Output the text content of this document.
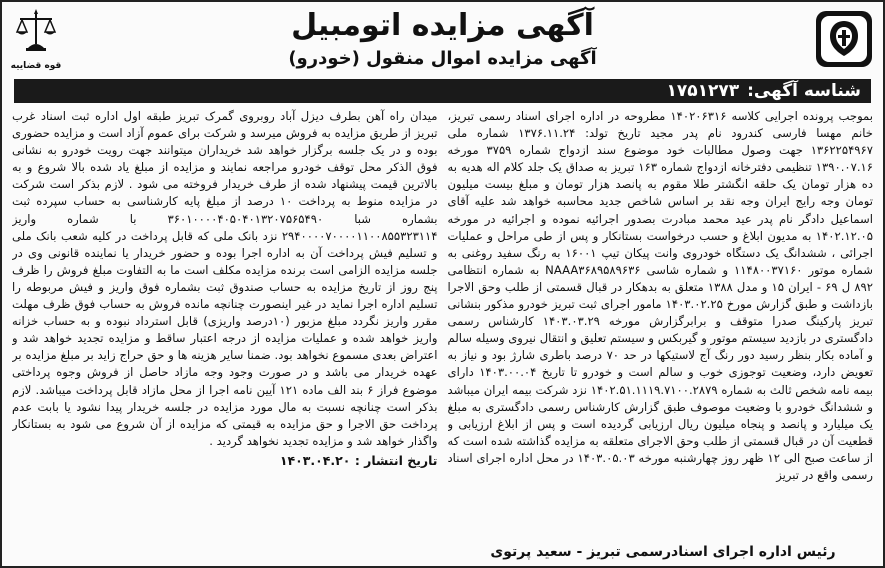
آگهی مزایده اتومبیل
آگهی مزایده اموال منقول (خودرو)
قوه قضاییه
شناسه آگهی:
۱۷۵۱۲۷۳

بموجب پرونده اجرایی کلاسه ۱۴۰۲۰۶۳۱۶ مطروحه در اداره اجرای اسناد رسمی تبریز، خانم مهسا فارسی کندرود نام پدر مجید تاریخ تولد: ۱۳۷۶.۱۱.۲۴ شماره ملی ۱۳۶۲۲۵۴۹۶۷ جهت وصول مطالبات خود موضوع سند ازدواج شماره ۳۷۵۹ مورخه ۱۳۹۰.۰۷.۱۶ تنظیمی دفترخانه ازدواج شماره ۱۶۳ تبریز به صداق یک جلد کلام اله هدیه به ده هزار تومان یک حلقه انگشتر طلا مقوم به پانصد هزار تومان و مبلغ بیست میلیون تومان وجه رایج ایران وجه نقد بر اساس شاخص جدید محاسبه خواهد شد علیه آقای اسماعیل دادگر نام پدر عید محمد مبادرت بصدور اجرائیه نموده و اجرائیه در مورخه ۱۴۰۲.۱۲.۰۵ به مدیون ابلاغ و حسب درخواست بستانکار و پس از طی مراحل و عملیات اجرائی ، ششدانگ یک دستگاه خودروی وانت پیکان تیپ ۱۶۰۰۱ به رنگ سفید روغنی به شماره موتور ۱۱۴۸۰۰۳۷۱۶۰ و شماره شاسی NAAA۳۶۸۹۵۸۹۶۳۶ به شماره انتظامی ۸۹۲ ل ۶۹ - ایران ۱۵ و مدل ۱۳۸۸ متعلق به بدهکار در قبال قسمتی از طلب وحق الاجرا بازداشت و طبق گزارش مورخ ۱۴۰۳.۰۲.۲۵ مامور اجرای ثبت تبریز خودرو مذکور بنشانی تبریز پارکینگ صدرا متوقف و برابرگزارش مورخه ۱۴۰۳.۰۳.۲۹ کارشناس رسمی دادگستری در بازدید سیستم موتور و گیربکس و سیستم تعلیق و انتقال نیروی وسیله سالم و آماده بکار بنظر رسید دور رنگ آج لاستیکها در حد ۷۰ درصد باطری شارژ بود و نیاز به تعویض دارد، وضعیت توجوزی خوب و سالم است و خودرو تا تاریخ ۱۴۰۳.۰۰.۰۴ دارای بیمه نامه شخص ثالث به شماره ۱۴۰۲.۵۱.۱۱۱۹.۷۱۰۰.۲۸۷۹ نزد شرکت بیمه ایران میباشد و ششدانگ خودرو با وضعیت موصوف طبق گزارش کارشناس رسمی دادگستری به مبلغ یک میلیارد و پانصد و پنجاه میلیون ریال ارزیابی گردیده است و پس از ابلاغ ارزیابی و قطعیت آن در قبال قسمتی از طلب وحق الاجرای متعلقه به مزایده گذاشته شده است که از ساعت صبح الی ۱۲ ظهر روز چهارشنبه مورخه ۱۴۰۳.۰۵.۰۳ در محل اداره اجرای اسناد رسمی واقع در تبریز

میدان راه آهن بطرف دیزل آباد روبروی گمرک تبریز طبقه اول اداره ثبت اسناد غرب تبریز از طریق مزایده به فروش میرسد و شرکت برای عموم آزاد است و مزایده حضوری بوده و در یک جلسه برگزار خواهد شد خریداران میتوانند جهت رویت خودرو به نشانی فوق الذکر محل توقف خودرو مراجعه نمایند و مزایده از مبلغ یاد شده بالا شروع و به بالاترین قیمت پیشنهاد شده از طرف خریدار فروخته می شود . لازم بذکر است شرکت در مزایده منوط به پرداخت ۱۰ درصد از مبلغ پایه کارشناسی به حساب سپرده ثبت بشماره شبا ۳۶۰۱۰۰۰۰۴۰۵۰۴۰۱۳۲۰۷۵۶۵۴۹۰ با شماره واریز ۲۹۴۰۰۰۰۷۰۰۰۰۱۱۰۰۸۵۵۳۲۳۱۱۴ نزد بانک ملی که قابل پرداخت در کلیه شعب بانک ملی و تسلیم فیش پرداخت آن به اداره اجرا بوده و حضور خریدار یا نماینده قانونی وی در جلسه مزایده الزامی است برنده مزایده مکلف است ما به التفاوت مبلغ فروش را ظرف پنج روز از تاریخ مزایده به حساب صندوق ثبت بشماره فوق واریز و فیش مربوطه را تسلیم اداره اجرا نماید در غیر اینصورت چنانچه مانده فروش به حساب فوق ظرف مهلت مقرر واریز نگردد مبلغ مزبور (۱۰درصد واریزی) قابل استرداد نبوده و به حساب خزانه واریز خواهد شده و عملیات مزایده از درجه اعتبار ساقط و مزایده تجدید خواهد شد و اعتراض بعدی مسموع نخواهد بود. ضمنا سایر هزینه ها و حق حراج زاید بر مبلغ مزایده بر عهده خریدار می باشد و در صورت وجود وجه مازاد حاصل از فروش وجوه پرداختی موضوع فراز ۶ بند الف ماده ۱۲۱ آیین نامه اجرا از محل مازاد قابل پرداخت میباشد. لازم بذکر است چنانچه نسبت به مال مورد مزایده در جلسه خریدار پیدا نشود یا بابت عدم پرداخت حق الاجرا و حق مزایده به قیمتی که مزایده از آن شروع می شود به بستانکار واگذار خواهد شد و مزایده تجدید نخواهد گردید .

تاریخ انتشار : ۱۴۰۳.۰۴.۲۰
رئیس اداره اجرای اسنادرسمی تبریز - سعید پرتوی
